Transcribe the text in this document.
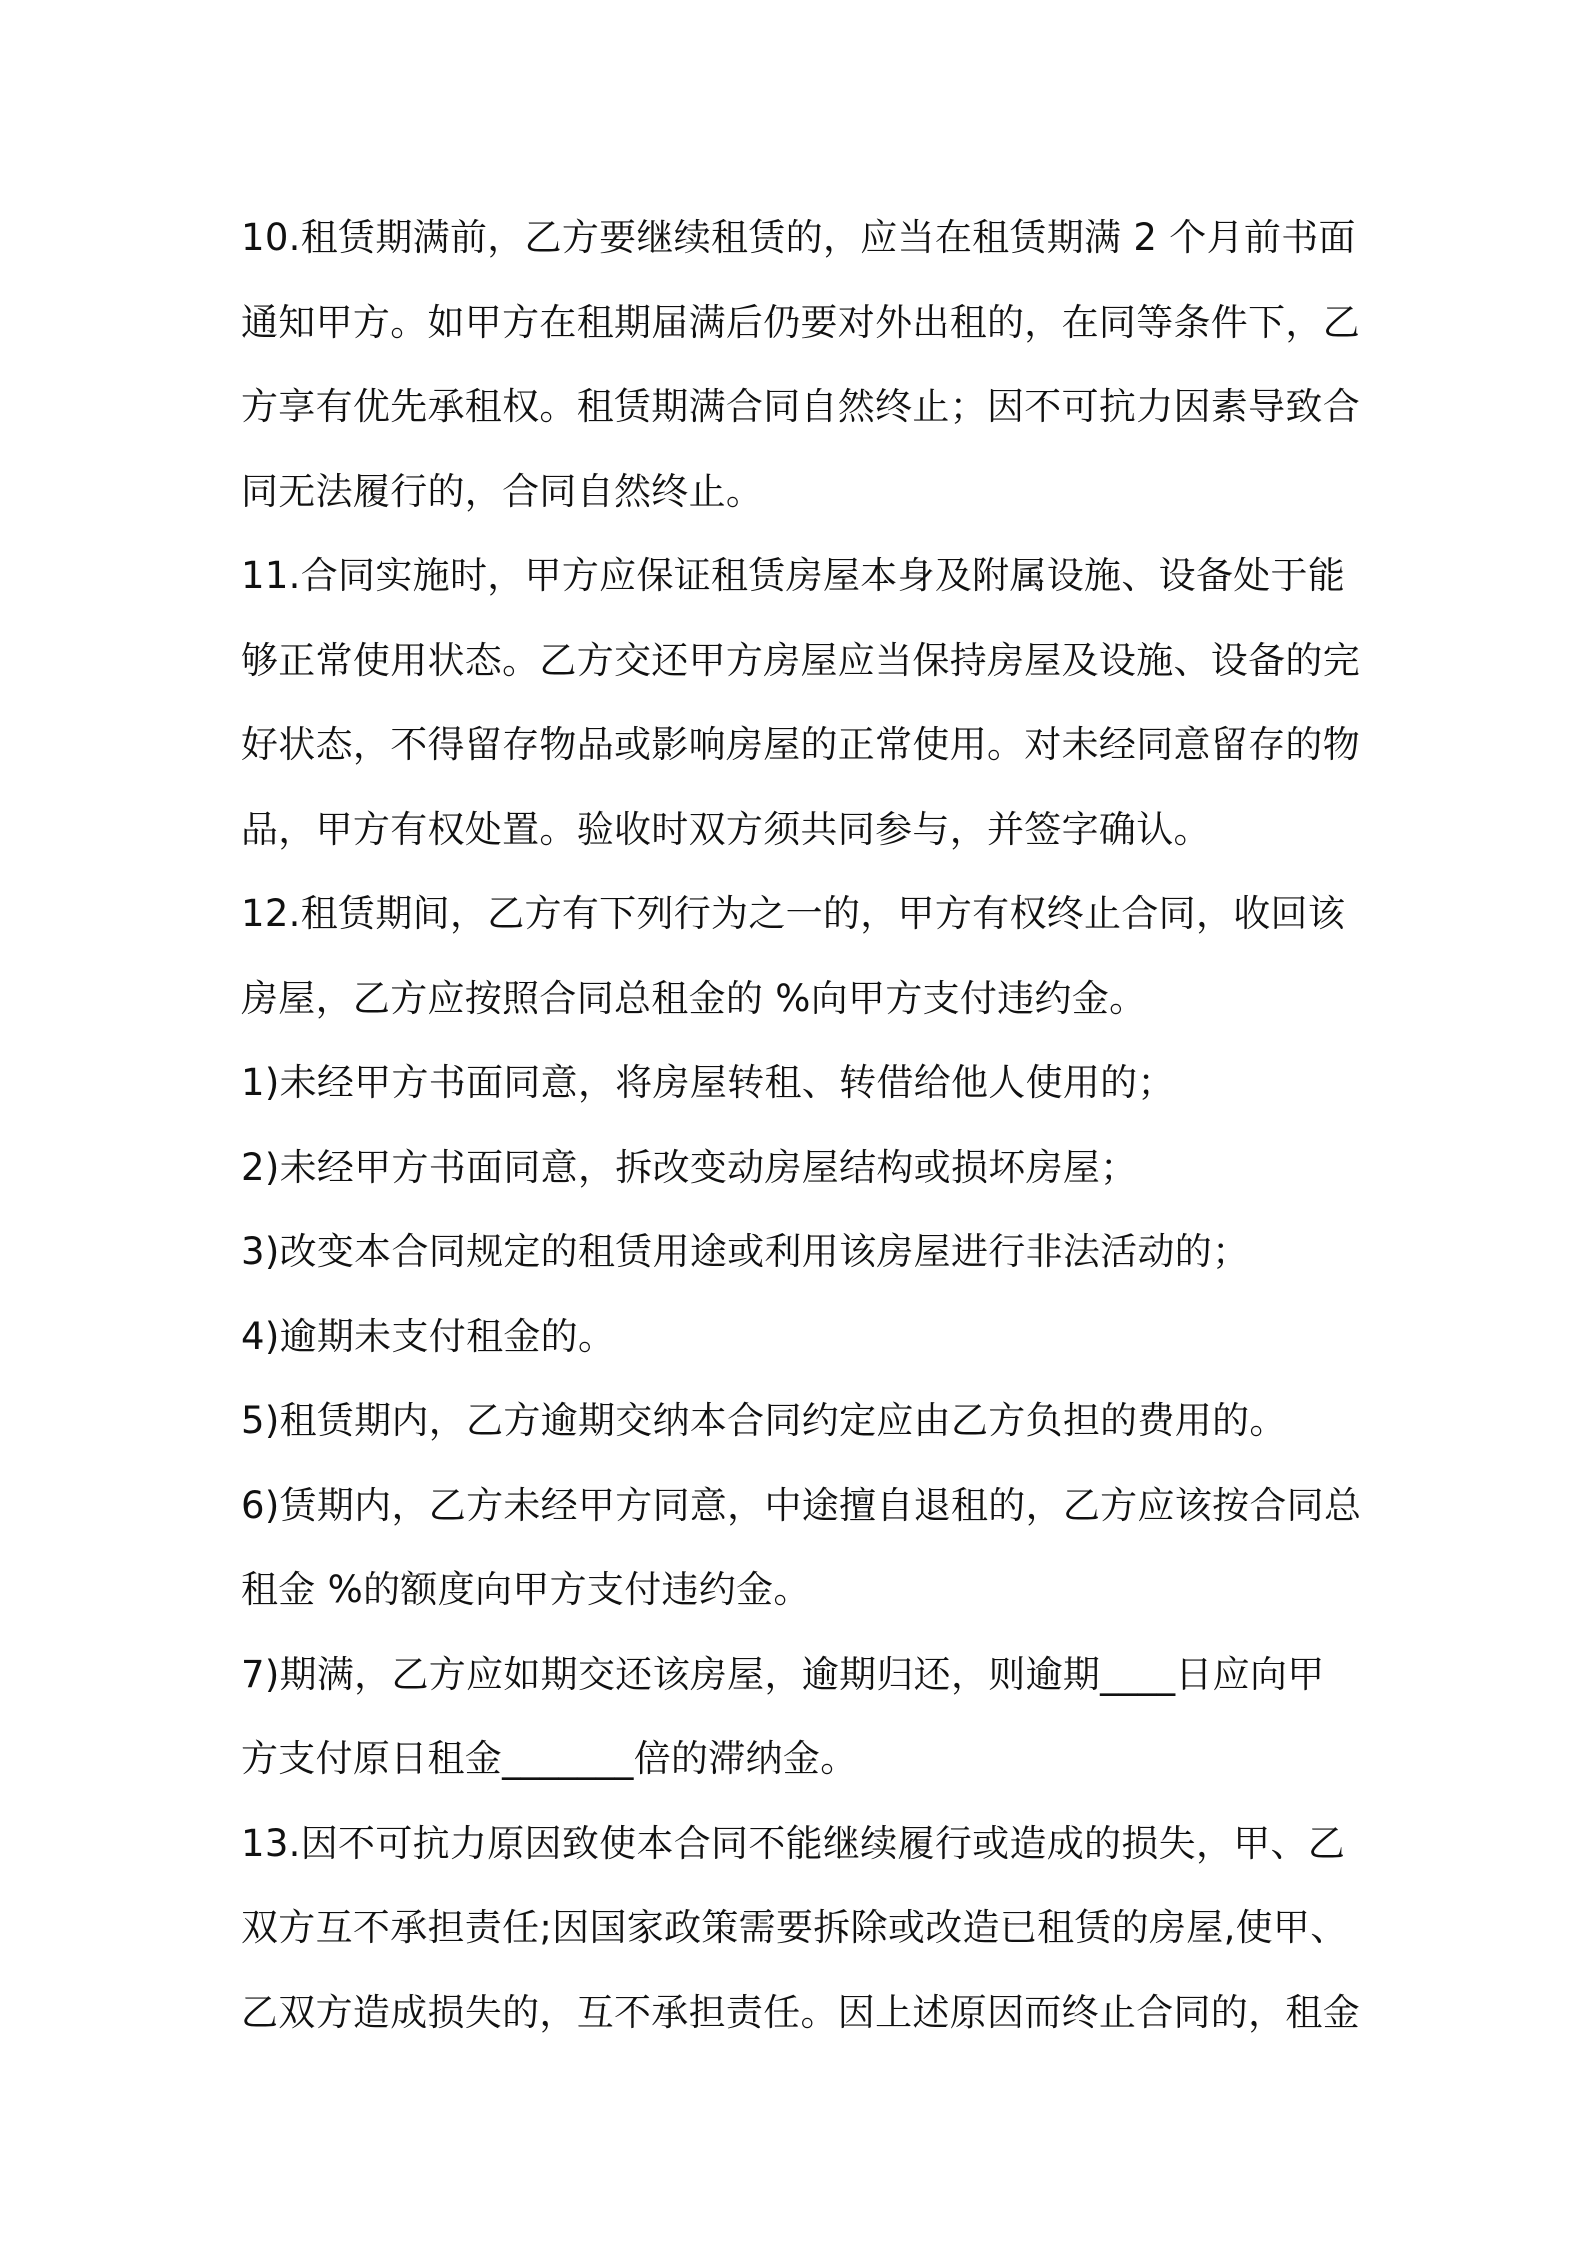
10.租赁期满前，乙方要继续租赁的，应当在租赁期满 2 个月前书面
通知甲方。如甲方在租期届满后仍要对外出租的，在同等条件下，乙
方享有优先承租权。租赁期满合同自然终止；因不可抗力因素导致合
同无法履行的，合同自然终止。
11.合同实施时，甲方应保证租赁房屋本身及附属设施、设备处于能
够正常使用状态。乙方交还甲方房屋应当保持房屋及设施、设备的完
好状态，不得留存物品或影响房屋的正常使用。对未经同意留存的物
品，甲方有权处置。验收时双方须共同参与，并签字确认。
12.租赁期间，乙方有下列行为之一的，甲方有权终止合同，收回该
房屋，乙方应按照合同总租金的 %向甲方支付违约金。
1)未经甲方书面同意，将房屋转租、转借给他人使用的；
2)未经甲方书面同意，拆改变动房屋结构或损坏房屋；
3)改变本合同规定的租赁用途或利用该房屋进行非法活动的；
4)逾期未支付租金的。
5)租赁期内，乙方逾期交纳本合同约定应由乙方负担的费用的。
6)赁期内，乙方未经甲方同意，中途擅自退租的，乙方应该按合同总
租金 %的额度向甲方支付违约金。
7)期满，乙方应如期交还该房屋，逾期归还，则逾期____日应向甲
方支付原日租金_______倍的滞纳金。
13.因不可抗力原因致使本合同不能继续履行或造成的损失，甲、乙
双方互不承担责任;因国家政策需要拆除或改造已租赁的房屋,使甲、
乙双方造成损失的，互不承担责任。因上述原因而终止合同的，租金
